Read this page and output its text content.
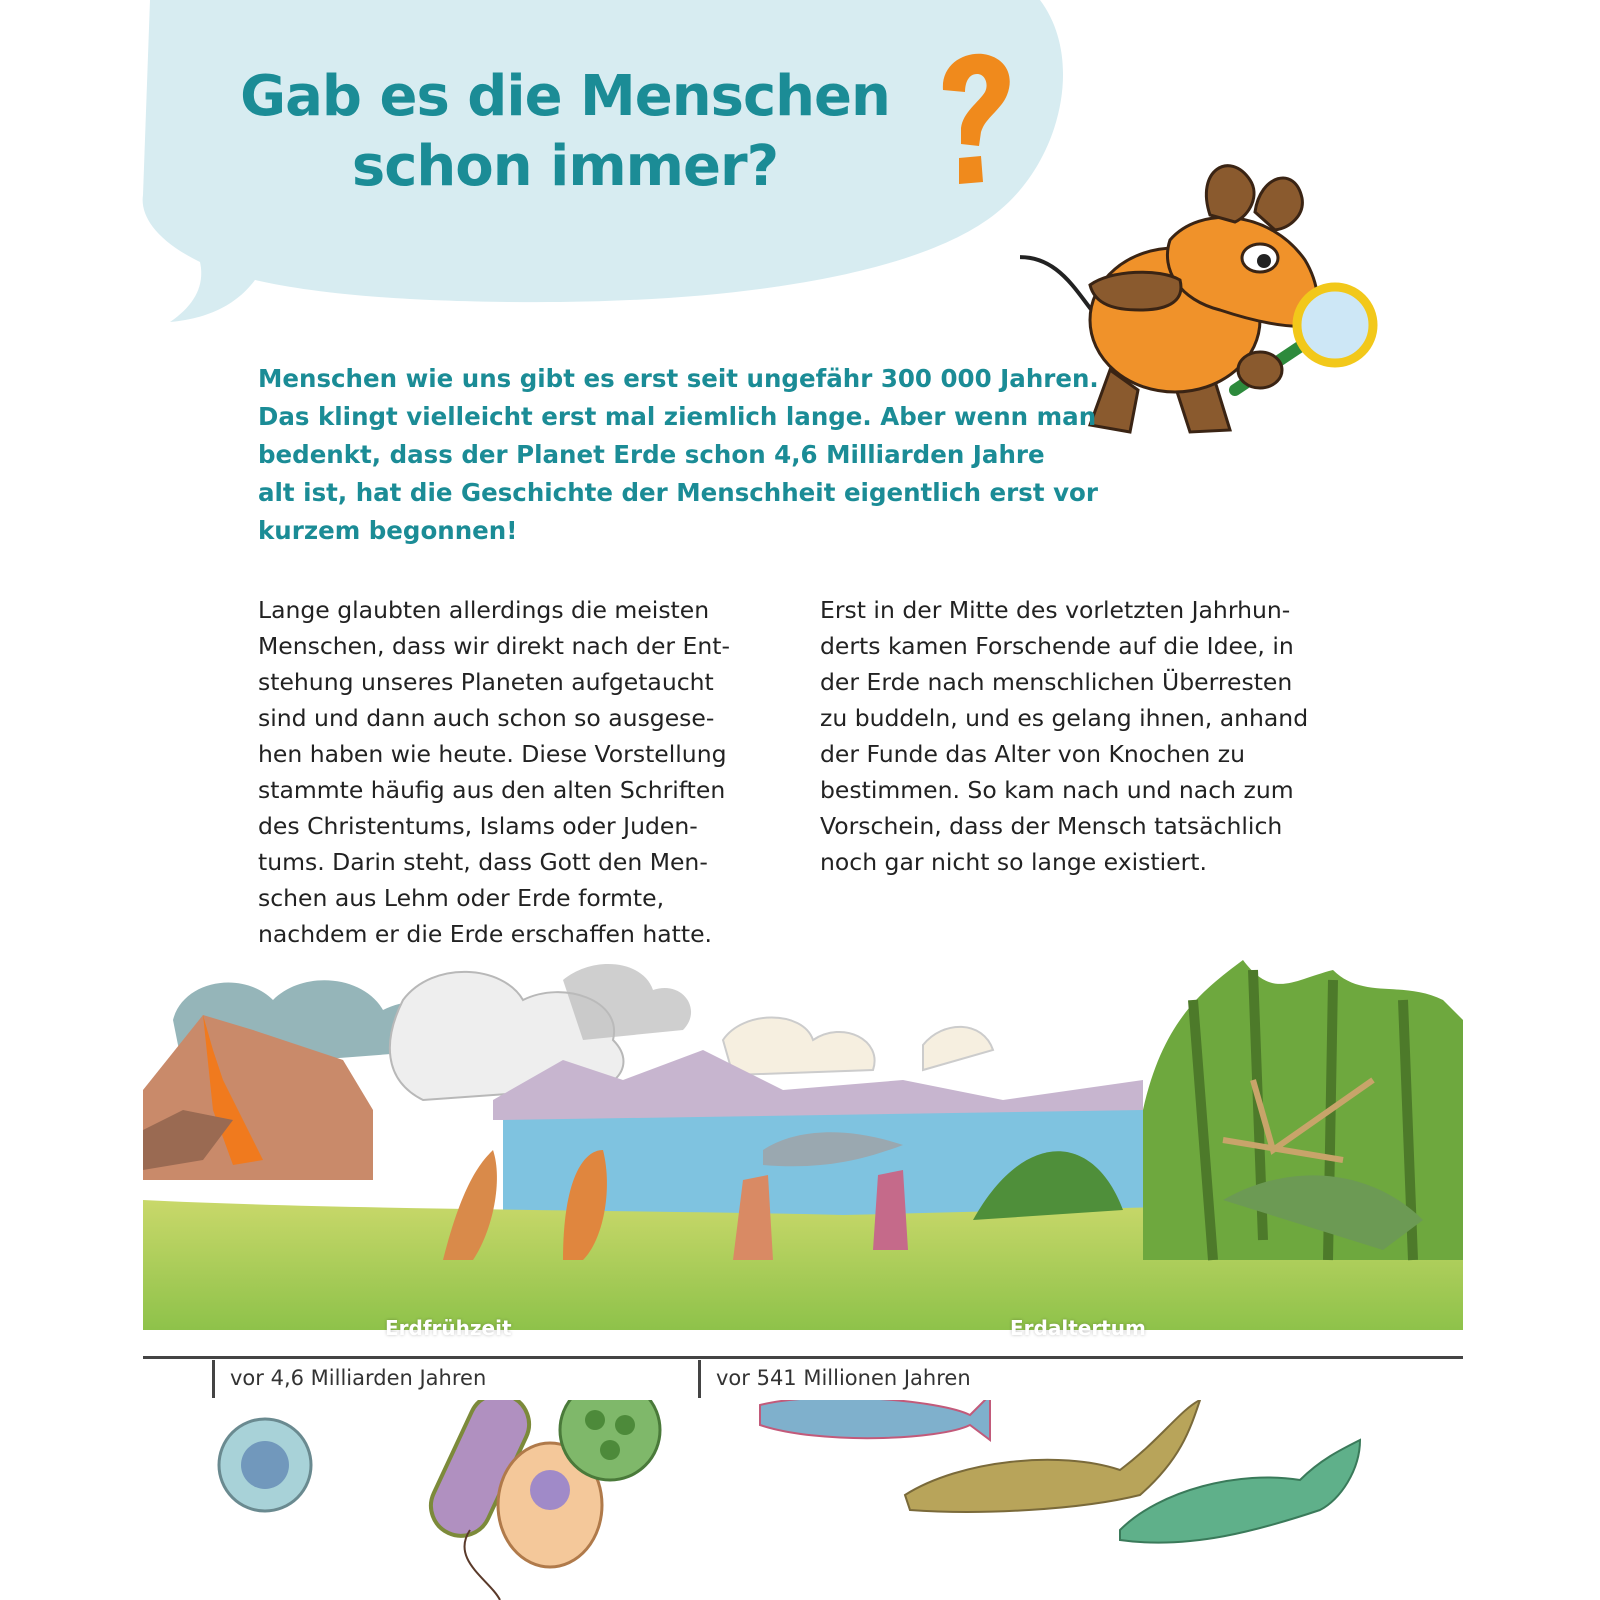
Gab es die Menschen
schon immer?
Menschen wie uns gibt es erst seit ungefähr 300 000 Jahren.
Das klingt vielleicht erst mal ziemlich lange. Aber wenn man
bedenkt, dass der Planet Erde schon 4,6 Milliarden Jahre
alt ist, hat die Geschichte der Menschheit eigentlich erst vor
kurzem begonnen!
Lange glaubten allerdings die meisten
Menschen, dass wir direkt nach der Ent-
stehung unseres Planeten aufgetaucht
sind und dann auch schon so ausgese-
hen haben wie heute. Diese Vorstellung
stammte häufig aus den alten Schriften
des Christentums, Islams oder Juden-
tums. Darin steht, dass Gott den Men-
schen aus Lehm oder Erde formte,
nachdem er die Erde erschaffen hatte.
Erst in der Mitte des vorletzten Jahrhun-
derts kamen Forschende auf die Idee, in
der Erde nach menschlichen Überresten
zu buddeln, und es gelang ihnen, anhand
der Funde das Alter von Knochen zu
bestimmen. So kam nach und nach zum
Vorschein, dass der Mensch tatsächlich
noch gar nicht so lange existiert.
Erdfrühzeit	Erdaltertum
vor 4,6 Milliarden Jahren	vor 541 Millionen Jahren
